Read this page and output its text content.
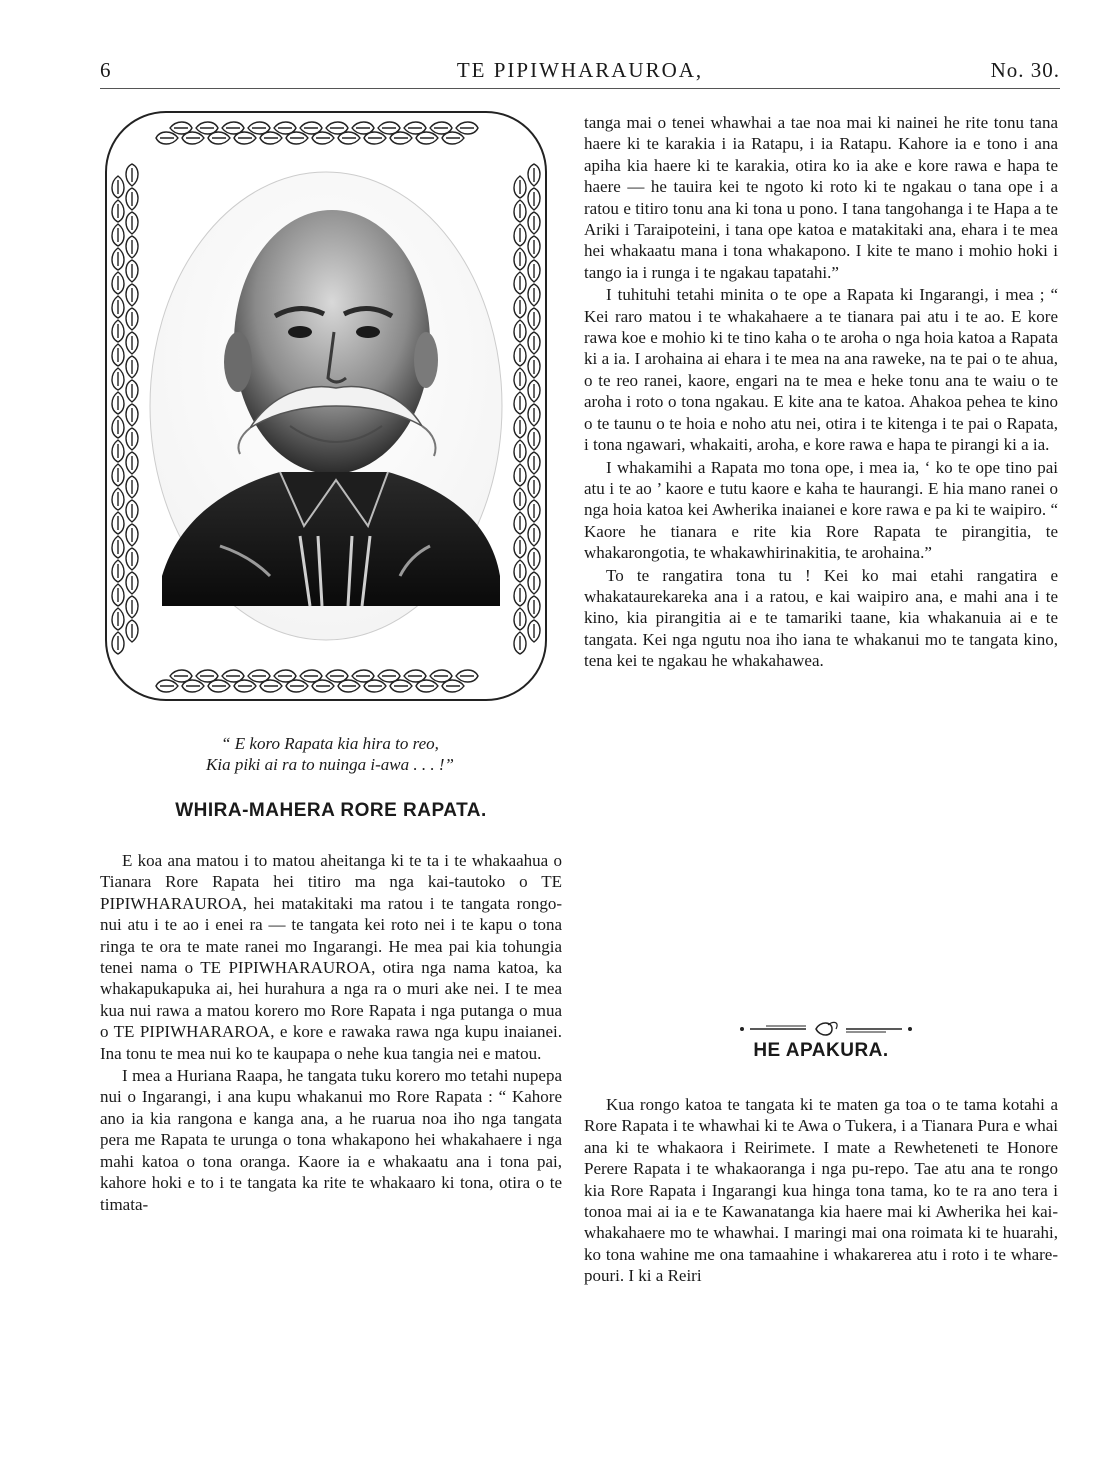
6	TE PIPIWHARAUROA,	No. 30.
“ E koro Rapata kia hira to reo,
Kia piki ai ra to nuinga i-awa . . . !”
WHIRA-MAHERA RORE RAPATA.

E koa ana matou i to matou aheitanga ki te ta i te whakaahua o Tianara Rore Rapata hei titiro ma nga kai-tautoko o TE PIPIWHARAUROA, hei matakitaki ma ratou i te tangata rongo-nui atu i te ao i enei ra — te tangata kei roto nei i te kapu o tona ringa te ora te mate ranei mo Ingarangi. He mea pai kia tohungia tenei nama o TE PIPIWHARAUROA, otira nga nama katoa, ka whakapukapuka ai, hei hurahura a nga ra o muri ake nei. I te mea kua nui rawa a matou korero mo Rore Rapata i nga putanga o mua o TE PIPIWHARAROA, e kore e rawaka rawa nga kupu inaianei. Ina tonu te mea nui ko te kaupapa o nehe kua tangia nei e matou.

I mea a Huriana Raapa, he tangata tuku korero mo tetahi nupepa nui o Ingarangi, i ana kupu whakanui mo Rore Rapata : “ Kahore ano ia kia rangona e kanga ana, a he ruarua noa iho nga tangata pera me Rapata te urunga o tona whakapono hei whakahaere i nga mahi katoa o tona oranga. Kaore ia e whakaatu ana i tona pai, kahore hoki e to i te tangata ka rite te whakaaro ki tona, otira o te timata-

tanga mai o tenei whawhai a tae noa mai ki nainei he rite tonu tana haere ki te karakia i ia Ratapu, i ia Ratapu. Kahore ia e tono i ana apiha kia haere ki te karakia, otira ko ia ake e kore rawa e hapa te haere — he tauira kei te ngoto ki roto ki te ngakau o tana ope i a ratou e titiro tonu ana ki tona u pono. I tana tangohanga i te Hapa a te Ariki i Taraipoteini, i tana ope katoa e matakitaki ana, ehara i te mea hei whakaatu mana i tona whakapono. I kite te mano i mohio hoki i tango ia i runga i te ngakau tapatahi.”

I tuhituhi tetahi minita o te ope a Rapata ki Ingarangi, i mea ; “ Kei raro matou i te whakahaere a te tianara pai atu i te ao. E kore rawa koe e mohio ki te tino kaha o te aroha o nga hoia katoa a Rapata ki a ia. I arohaina ai ehara i te mea na ana raweke, na te pai o te ahua, o te reo ranei, kaore, engari na te mea e heke tonu ana te waiu o te aroha i roto o tona ngakau. E kite ana te katoa. Ahakoa pehea te kino o te taunu o te hoia e noho atu nei, otira i te kitenga i te pai o Rapata, i tona ngawari, whakaiti, aroha, e kore rawa e hapa te pirangi ki a ia.

I whakamihi a Rapata mo tona ope, i mea ia, ‘ ko te ope tino pai atu i te ao ’ kaore e tutu kaore e kaha te haurangi. E hia mano ranei o nga hoia katoa kei Awherika inaianei e kore rawa e pa ki te waipiro. “ Kaore he tianara e rite kia Rore Rapata te pirangitia, te whakarongotia, te whakawhirinakitia, te arohaina.”

To te rangatira tona tu ! Kei ko mai etahi rangatira e whakataurekareka ana i a ratou, e kai waipiro ana, e mahi ana i te kino, kia pirangitia ai e te tamariki taane, kia whakanuia ai e te tangata. Kei nga ngutu noa iho iana te whakanui mo te tangata kino, tena kei te ngakau he whakahawea.

HE APAKURA.

Kua rongo katoa te tangata ki te maten ga toa o te tama kotahi a Rore Rapata i te whawhai ki te Awa o Tukera, i a Tianara Pura e whai ana ki te whakaora i Reirimete. I mate a Rewheteneti te Honore Perere Rapata i te whakaoranga i nga pu-repo. Tae atu ana te rongo kia Rore Rapata i Ingarangi kua hinga tona tama, ko te ra ano tera i tonoa mai ai ia e te Kawanatanga kia haere mai ki Awherika hei kai-whakahaere mo te whawhai. I maringi mai ona roimata ki te huarahi, ko tona wahine me ona tamaahine i whakarerea atu i roto i te whare-pouri. I ki a Reiri
